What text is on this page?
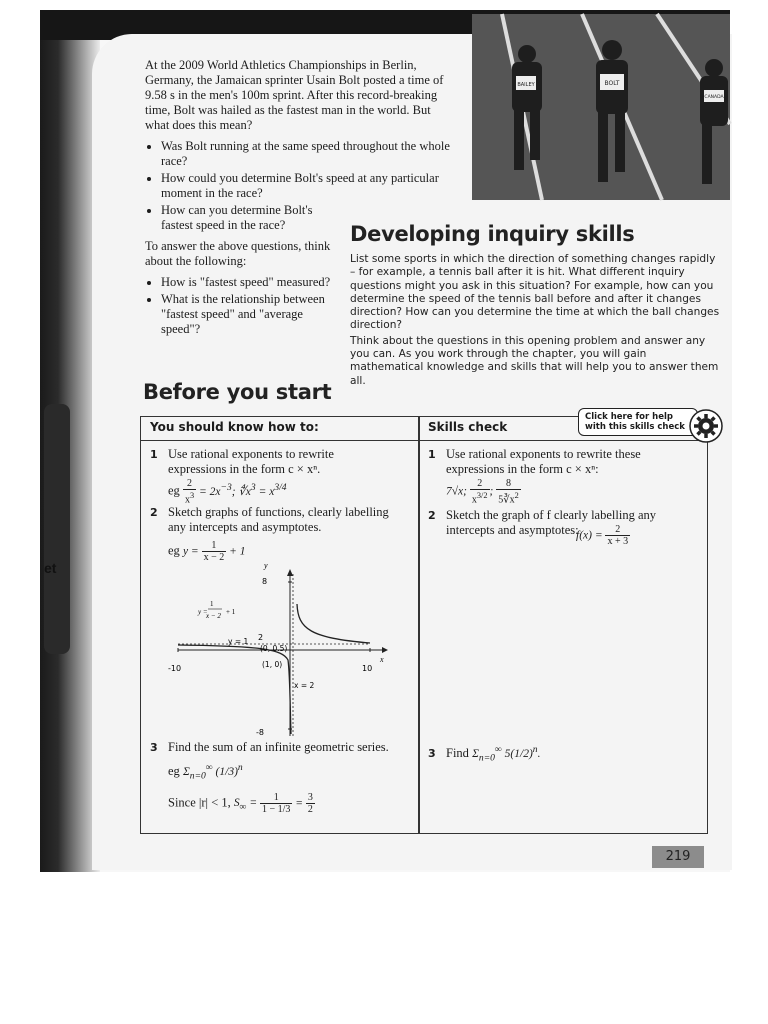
et
BAILEY	BOLT
CANADA

At the 2009 World Athletics Championships in Berlin, Germany, the Jamaican sprinter Usain Bolt posted a time of 9.58 s in the men's 100m sprint. After this record-breaking time, Bolt was hailed as the fastest man in the world. But what does this mean?

• Was Bolt running at the same speed throughout the whole race?
• How could you determine Bolt's speed at any particular moment in the race?
• How can you determine Bolt's fastest speed in the race?

To answer the above questions, think about the following:

• How is "fastest speed" measured?
• What is the relationship between "fastest speed" and "average speed"?
Developing inquiry skills

List some sports in which the direction of something changes rapidly – for example, a tennis ball after it is hit. What different inquiry questions might you ask in this situation? For example, how can you determine the speed of the tennis ball before and after it changes direction? How can you determine the time at which the ball changes direction?

Think about the questions in this opening problem and answer any you can. As you work through the chapter, you will gain mathematical knowledge and skills that will help you to answer them all.

Before you start
You should know how to:	Skills check
Click here for help with this skills check
1 Use rational exponents to rewrite expressions in the form c × xⁿ.
eg $\frac{2}{x^3} = 2x^{-3}$; $∜x^3 = x^{3/4}$
2 Sketch graphs of functions, clearly labelling any intercepts and asymptotes.
eg $y = \frac{1}{x - 2} + 1$
y
x
8
-8
2
-10	10
y = 1
x = 2
(1, 0)
(0, 0.5)
y =
1
x − 2 + 1
3 Find the sum of an infinite geometric series.
eg $\Sigma_{n=0}^\infty$ $(1/3)^n$
Since |r| < 1, $S_\infty = \frac{1}{1 - 1/3} = \frac{3}{2}$
1 Use rational exponents to rewrite these expressions in the form c × xⁿ:
7√x; $\frac{2}{x^{3/2}}$ ; $\frac{8}{5∛x^2}$
2 Sketch the graph of f clearly labelling any intercepts and asymptotes:
$f(x) = \frac{2}{x + 3}$
3 Find $\Sigma_{n=0}^\infty$ $5(1/2)^n$.
219
